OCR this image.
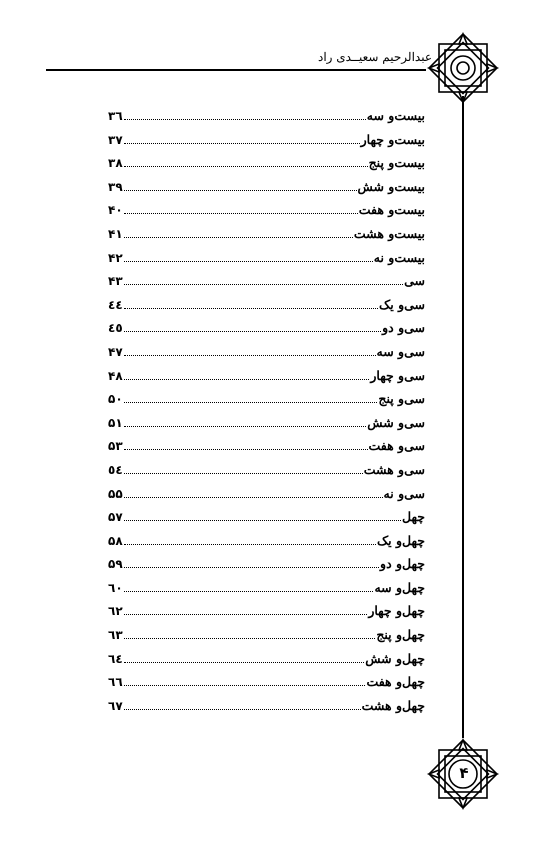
عبدالرحیم سعیــدی راد
بیست‌و سه
۳٦
بیست‌و چهار
۳۷
بیست‌و پنج
۳۸
بیست‌و شش
۳۹
بیست‌و هفت
۴۰
بیست‌و هشت
۴۱
بیست‌و نه
۴۲
سی
۴۳
سی‌و یک
٤٤
سی‌و دو
٤٥
سی‌و سه
۴۷
سی‌و چهار
۴۸
سی‌و پنج
۵۰
سی‌و شش
۵۱
سی‌و هفت
۵۳
سی‌و هشت
٥٤
سی‌و نه
۵۵
چهل
۵۷
چهل‌و یک
۵۸
چهل‌و دو
۵۹
چهل‌و سه
٦۰
چهل‌و چهار
٦۲
چهل‌و پنج
٦۳
چهل‌و شش
٦٤
چهل‌و هفت
٦٦
چهل‌و هشت
٦۷
۴
